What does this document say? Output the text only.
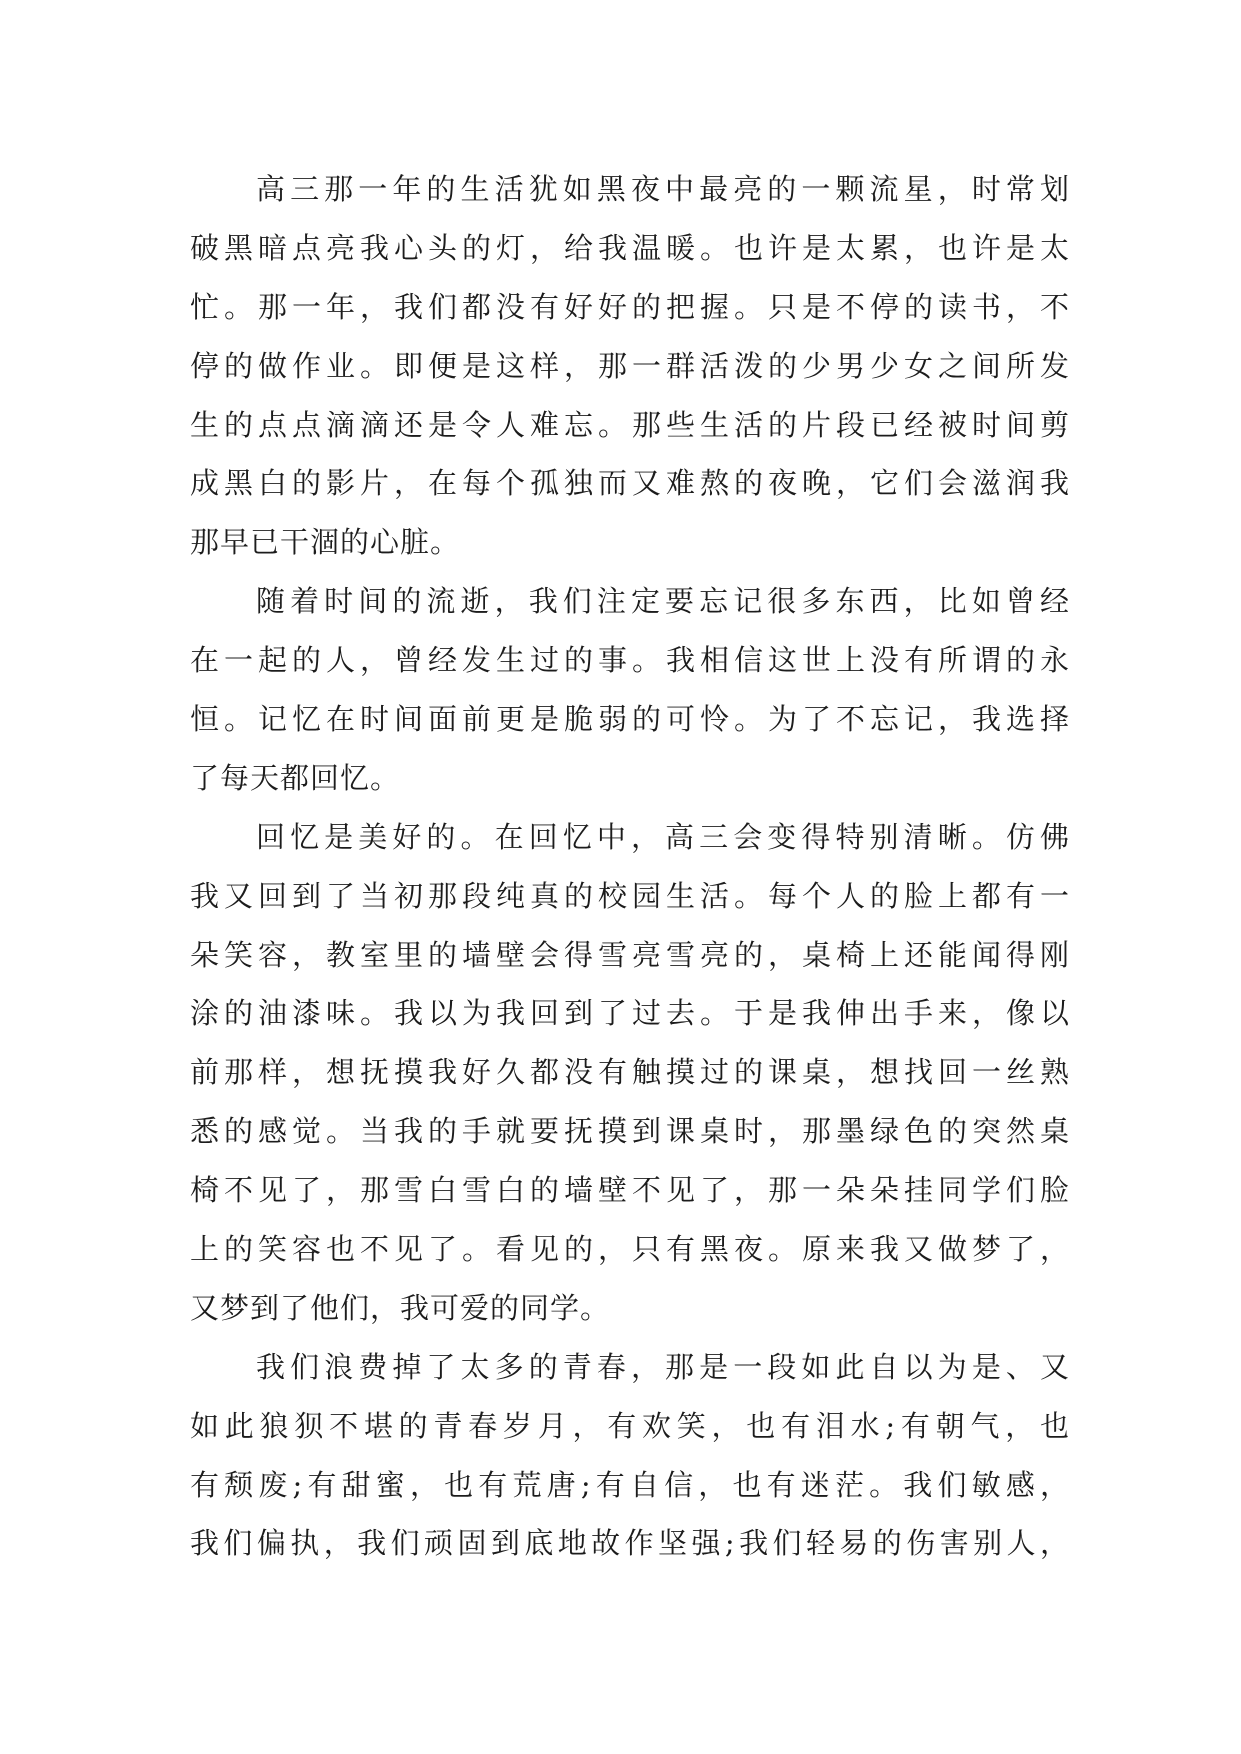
高三那一年的生活犹如黑夜中最亮的一颗流星，时常划
破黑暗点亮我心头的灯，给我温暖。也许是太累，也许是太
忙。那一年，我们都没有好好的把握。只是不停的读书，不
停的做作业。即便是这样，那一群活泼的少男少女之间所发
生的点点滴滴还是令人难忘。那些生活的片段已经被时间剪
成黑白的影片，在每个孤独而又难熬的夜晚，它们会滋润我
那早已干涸的心脏。
随着时间的流逝，我们注定要忘记很多东西，比如曾经
在一起的人，曾经发生过的事。我相信这世上没有所谓的永
恒。记忆在时间面前更是脆弱的可怜。为了不忘记，我选择
了每天都回忆。
回忆是美好的。在回忆中，高三会变得特别清晰。仿佛
我又回到了当初那段纯真的校园生活。每个人的脸上都有一
朵笑容，教室里的墙壁会得雪亮雪亮的，桌椅上还能闻得刚
涂的油漆味。我以为我回到了过去。于是我伸出手来，像以
前那样，想抚摸我好久都没有触摸过的课桌，想找回一丝熟
悉的感觉。当我的手就要抚摸到课桌时，那墨绿色的突然桌
椅不见了，那雪白雪白的墙壁不见了，那一朵朵挂同学们脸
上的笑容也不见了。看见的，只有黑夜。原来我又做梦了，
又梦到了他们，我可爱的同学。
我们浪费掉了太多的青春，那是一段如此自以为是、又
如此狼狈不堪的青春岁月，有欢笑，也有泪水;有朝气，也
有颓废;有甜蜜，也有荒唐;有自信，也有迷茫。我们敏感，
我们偏执，我们顽固到底地故作坚强;我们轻易的伤害别人，
